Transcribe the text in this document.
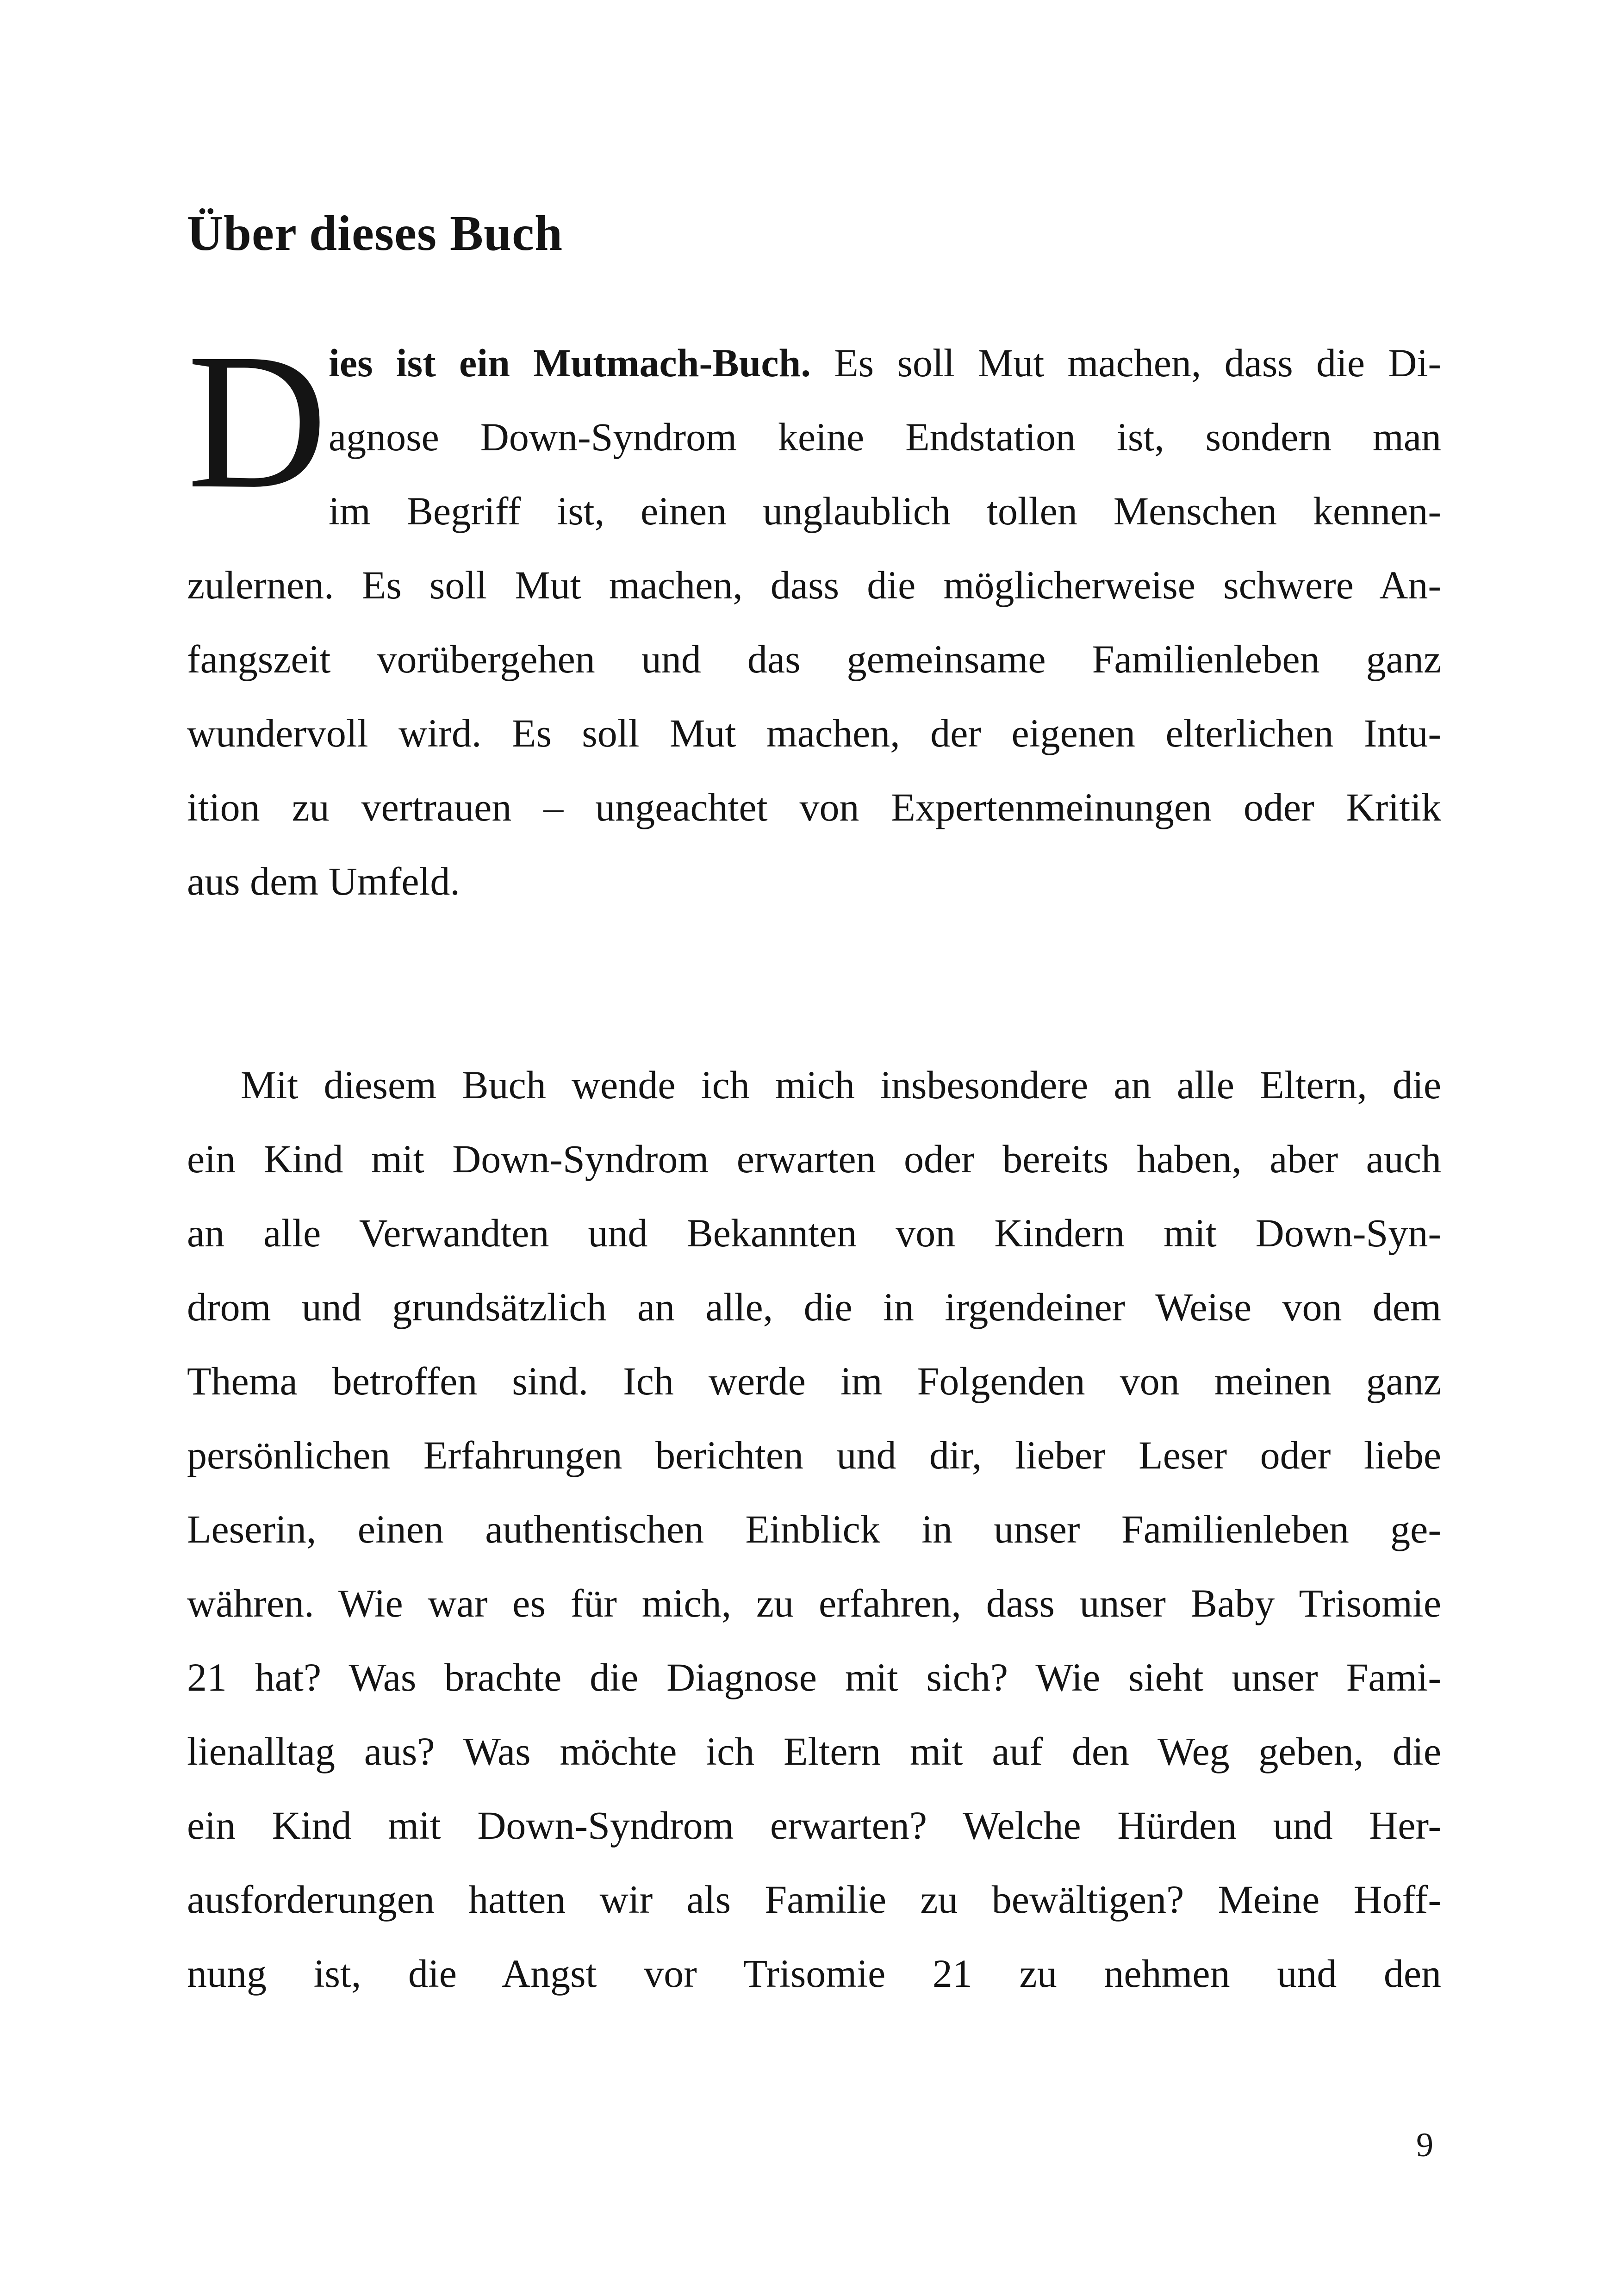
Über dieses Buch
D ies ist ein Mutmach-Buch. Es soll Mut machen, dass die Di-
agnose Down-Syndrom keine Endstation ist, sondern man
im Begriff ist, einen unglaublich tollen Menschen kennen-
zulernen. Es soll Mut machen, dass die möglicherweise schwere An-
fangszeit vorübergehen und das gemeinsame Familienleben ganz
wundervoll wird. Es soll Mut machen, der eigenen elterlichen Intu-
ition zu vertrauen – ungeachtet von Expertenmeinungen oder Kritik
aus dem Umfeld.
Mit diesem Buch wende ich mich insbesondere an alle Eltern, die
ein Kind mit Down-Syndrom erwarten oder bereits haben, aber auch
an alle Verwandten und Bekannten von Kindern mit Down-Syn-
drom und grundsätzlich an alle, die in irgendeiner Weise von dem
Thema betroffen sind. Ich werde im Folgenden von meinen ganz
persönlichen Erfahrungen berichten und dir, lieber Leser oder liebe
Leserin, einen authentischen Einblick in unser Familienleben ge-
währen. Wie war es für mich, zu erfahren, dass unser Baby Trisomie
21 hat? Was brachte die Diagnose mit sich? Wie sieht unser Fami-
lienalltag aus? Was möchte ich Eltern mit auf den Weg geben, die
ein Kind mit Down-Syndrom erwarten? Welche Hürden und Her-
ausforderungen hatten wir als Familie zu bewältigen? Meine Hoff-
nung ist, die Angst vor Trisomie 21 zu nehmen und den
9
